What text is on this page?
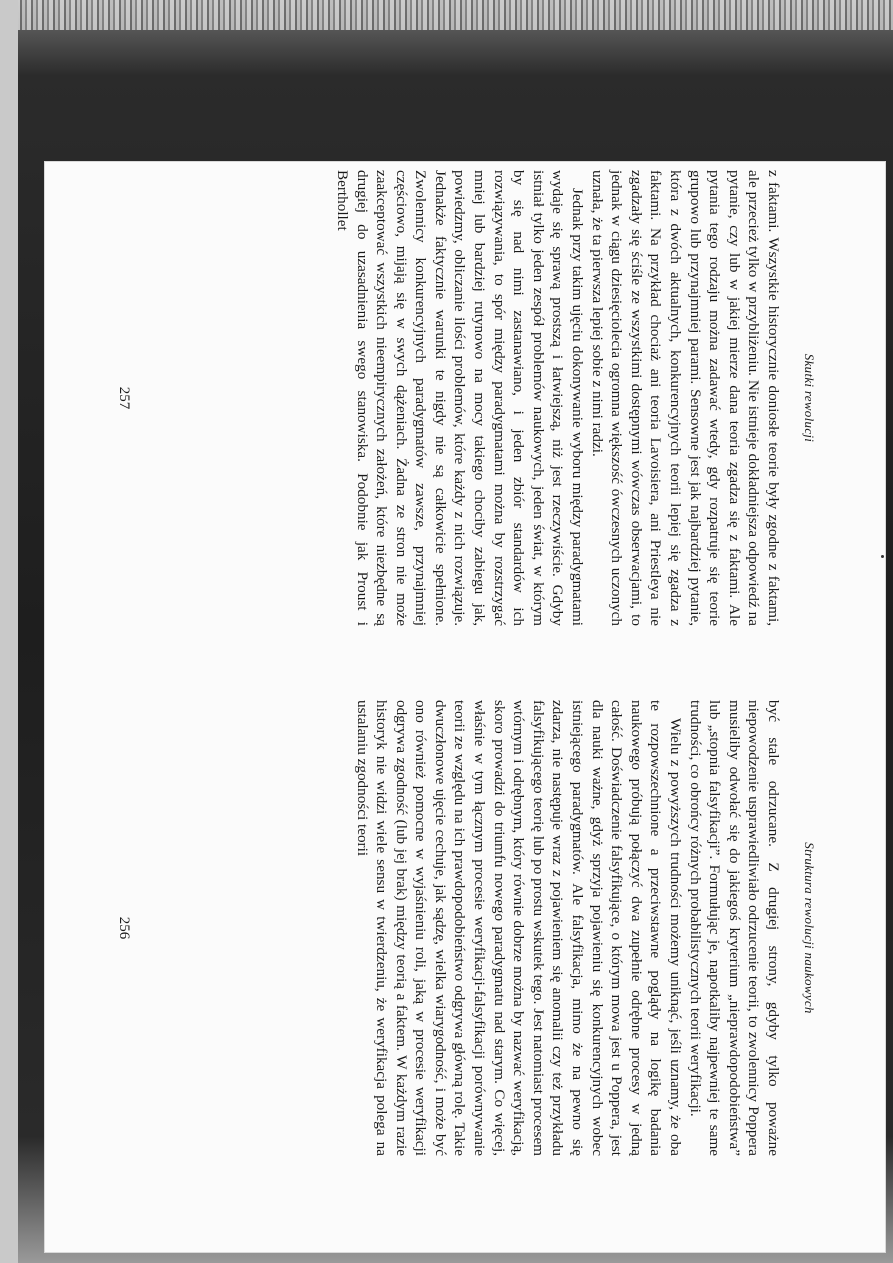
Struktura rewolucji naukowych

być stale odrzucane. Z drugiej strony, gdyby tylko poważne niepowodzenie usprawiedliwiało odrzucenie teorii, to zwolennicy Poppera musieliby odwołać się do jakiegoś kryterium „nieprawdopodobieństwa” lub „stopnia falsyfikacji”. Formułując je, napotkaliby najpewniej te same trudności, co obrońcy różnych probabilistycznych teorii weryfikacji.

Wielu z powyższych trudności możemy uniknąć, jeśli uznamy, że oba te rozpowszechnione a przeciwstawne poglądy na logikę badania naukowego próbują połączyć dwa zupełnie odrębne procesy w jedną całość. Doświadczenie falsyfikujące, o którym mowa jest u Poppera, jest dla nauki ważne, gdyż sprzyja pojawieniu się konkurencyjnych wobec istniejącego paradygmatów. Ale falsyfikacja, mimo że na pewno się zdarza, nie następuje wraz z pojawieniem się anomalii czy też przykładu falsyfikującego teorię lub po prostu wskutek tego. Jest natomiast procesem wtórnym i odrębnym, który równie dobrze można by nazwać weryfikacją, skoro prowadzi do triumfu nowego paradygmatu nad starym. Co więcej, właśnie w tym łącznym procesie weryfikacji-falsyfikacji porównywanie teorii ze względu na ich prawdopodobieństwo odgrywa główną rolę. Takie dwuczłonowe ujęcie cechuje, jak sądzę, wielka wiarygodność, i może być ono również pomocne w wyjaśnieniu roli, jaką w procesie weryfikacji odgrywa zgodność (lub jej brak) między teorią a faktem. W każdym razie historyk nie widzi wiele sensu w twierdzeniu, że weryfikacja polega na ustalaniu zgodności teorii

256
Skutki rewolucji

z faktami. Wszystkie historycznie doniosłe teorie były zgodne z faktami, ale przecież tylko w przybliżeniu. Nie istnieje dokładniejsza odpowiedź na pytanie, czy lub w jakiej mierze dana teoria zgadza się z faktami. Ale pytania tego rodzaju można zadawać wtedy, gdy rozpatruje się teorie grupowo lub przynajmniej parami. Sensowne jest jak najbardziej pytanie, która z dwóch aktualnych, konkurencyjnych teorii lepiej się zgadza z faktami. Na przykład chociaż ani teoria Lavoisiera, ani Priestleya nie zgadzały się ściśle ze wszystkimi dostępnymi wówczas obserwacjami, to jednak w ciągu dziesięciolecia ogromna większość ówczesnych uczonych uznała, że ta pierwsza lepiej sobie z nimi radzi.

Jednak przy takim ujęciu dokonywanie wyboru między paradygmatami wydaje się sprawą prostszą i łatwiejszą, niż jest rzeczywiście. Gdyby istniał tylko jeden zespół problemów naukowych, jeden świat, w którym by się nad nimi zastanawiano, i jeden zbiór standardów ich rozwiązywania, to spór między paradygmatami można by rozstrzygać mniej lub bardziej rutynowo na mocy takiego chociby zabiegu jak, powiedzmy, obliczanie ilości problemów, które każdy z nich rozwiązuje. Jednakże faktycznie warunki te nigdy nie są całkowicie spełnione. Zwolennicy konkurencyjnych paradygmatów zawsze, przynajmniej częściowo, mijają się w swych dążeniach. Żadna ze stron nie może zaakceptować wszystkich nieempirycznych założeń, które niezbędne są drugiej do uzasadnienia swego stanowiska. Podobnie jak Proust i Berthollet

257
